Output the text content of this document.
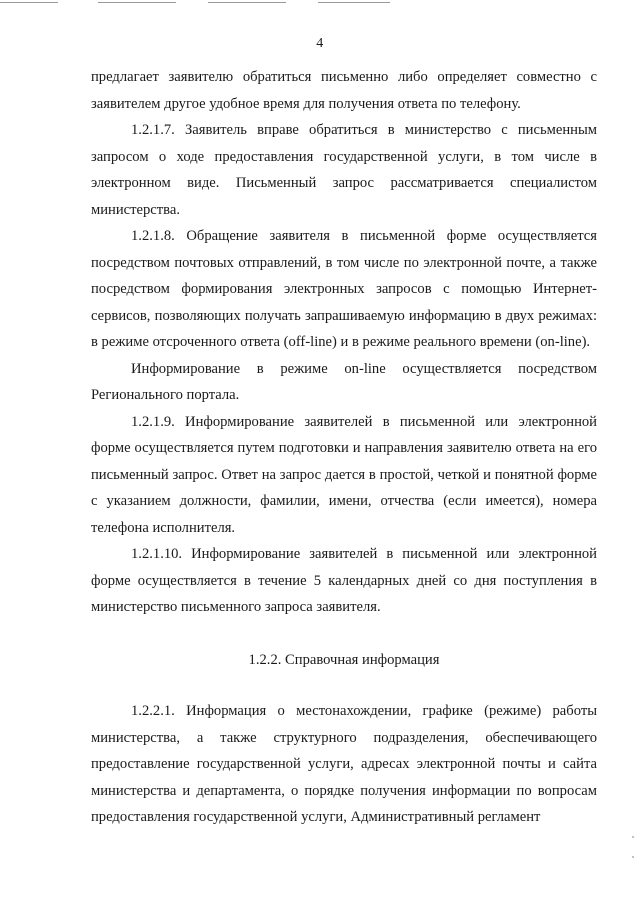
4

предлагает заявителю обратиться письменно либо определяет совместно с заявителем другое удобное время для получения ответа по телефону.

1.2.1.7. Заявитель вправе обратиться в министерство с письменным запросом о ходе предоставления государственной услуги, в том числе в электронном виде. Письменный запрос рассматривается специалистом министерства.

1.2.1.8. Обращение заявителя в письменной форме осуществляется посредством почтовых отправлений, в том числе по электронной почте, а также посредством формирования электронных запросов с помощью Интернет-сервисов, позволяющих получать запрашиваемую информацию в двух режимах: в режиме отсроченного ответа (off-line) и в режиме реального времени (on-line).

Информирование в режиме on-line осуществляется посредством Регионального портала.

1.2.1.9. Информирование заявителей в письменной или электронной форме осуществляется путем подготовки и направления заявителю ответа на его письменный запрос. Ответ на запрос дается в простой, четкой и понятной форме с указанием должности, фамилии, имени, отчества (если имеется), номера телефона исполнителя.

1.2.1.10. Информирование заявителей в письменной или электронной форме осуществляется в течение 5 календарных дней со дня поступления в министерство письменного запроса заявителя.

1.2.2. Справочная информация

1.2.2.1. Информация о местонахождении, графике (режиме) работы министерства, а также структурного подразделения, обеспечивающего предоставление государственной услуги, адресах электронной почты и сайта министерства и департамента, о порядке получения информации по вопросам предоставления государственной услуги, Административный регламент
